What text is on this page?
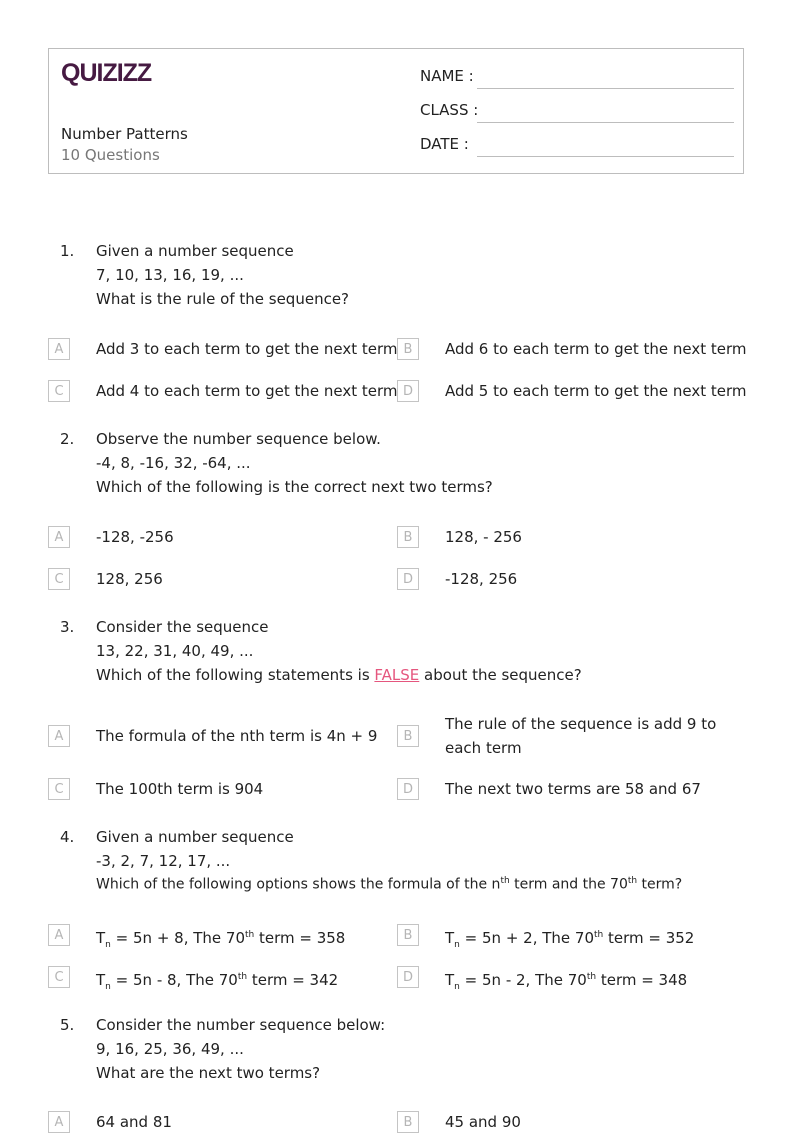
QUIZIZZ
Number Patterns
10 Questions
NAME :
CLASS :
DATE :
1. Given a number sequence
7, 10, 13, 16, 19, ...
What is the rule of the sequence?
A	Add 3 to each term to get the next term B	Add 6 to each term to get the next term
C	Add 4 to each term to get the next term D	Add 5 to each term to get the next term
2. Observe the number sequence below.
-4, 8, -16, 32, -64, ...
Which of the following is the correct next two terms?
A	-128, -256	B	128, - 256
C	128, 256	D	-128, 256
3. Consider the sequence
13, 22, 31, 40, 49, ...
Which of the following statements is FALSE about the sequence?
A	The formula of the nth term is 4n + 9	B
The rule of the sequence is add 9 to each term
C	The 100th term is 904	D	The next two terms are 58 and 67
4. Given a number sequence
-3, 2, 7, 12, 17, ...
Which of the following options shows the formula of the $n^{th}$ term and the 70th term?
A	$T_n = 5n + 8$, The 70th term = 358	B	$T_n = 5n + 2$, The 70th term = 352
C	$T_n = 5n - 8$, The 70th term = 342	D	$T_n = 5n - 2$, The 70th term = 348
5. Consider the number sequence below:
9, 16, 25, 36, 49, ...
What are the next two terms?
A	64 and 81	B	45 and 90
